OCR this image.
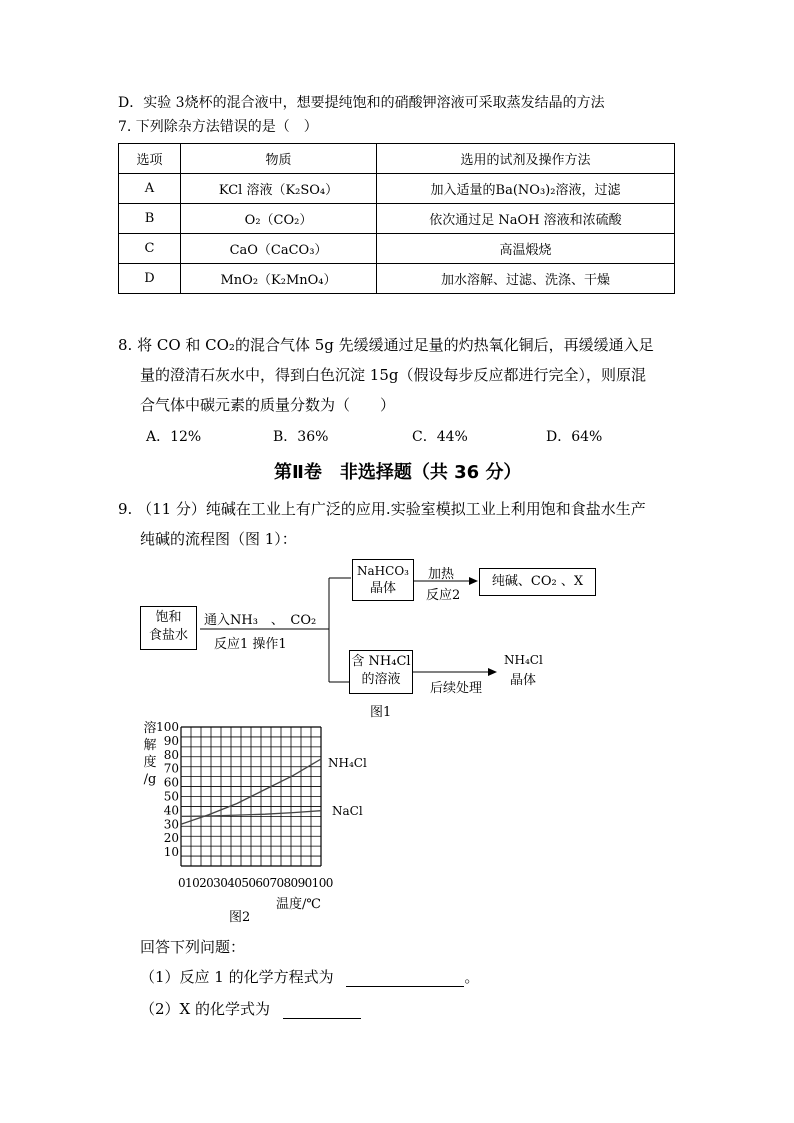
D．实验 3烧杯的混合液中，想要提纯饱和的硝酸钾溶液可采取蒸发结晶的方法
7. 下列除杂方法错误的是（　）
选项	物质	选用的试剂及操作方法
A	KCl 溶液（K₂SO₄）	加入适量的Ba(NO₃)₂溶液，过滤
B	O₂（CO₂）	依次通过足 NaOH 溶液和浓硫酸
C	CaO（CaCO₃）	高温煅烧
D	MnO₂（K₂MnO₄）	加水溶解、过滤、洗涤、干燥
8. 将 CO 和 CO₂的混合气体 5g 先缓缓通过足量的灼热氧化铜后，再缓缓通入足
量的澄清石灰水中，得到白色沉淀 15g（假设每步反应都进行完全），则原混
合气体中碳元素的质量分数为（　　）
A．12%	B．36%	C．44%	D．64%
第Ⅱ卷　非选择题（共 36 分）
9. （11 分）纯碱在工业上有广泛的应用.实验室模拟工业上利用饱和食盐水生产
纯碱的流程图（图 1）：
饱和
食盐水
通入NH₃　、　CO₂
反应1 操作1
NaHCO₃
晶体
加热
反应2
纯碱、CO₂ 、X
含 NH₄Cl
的溶液
后续处理
NH₄Cl
晶体
图1
溶
解
度
/g
100
90
80
70
60
50
40
30
20
10
0102030405060708090100
温度/℃
图2
NH₄Cl
NaCl
回答下列问题：
（1）反应 1 的化学方程式为	。
（2）X 的化学式为
